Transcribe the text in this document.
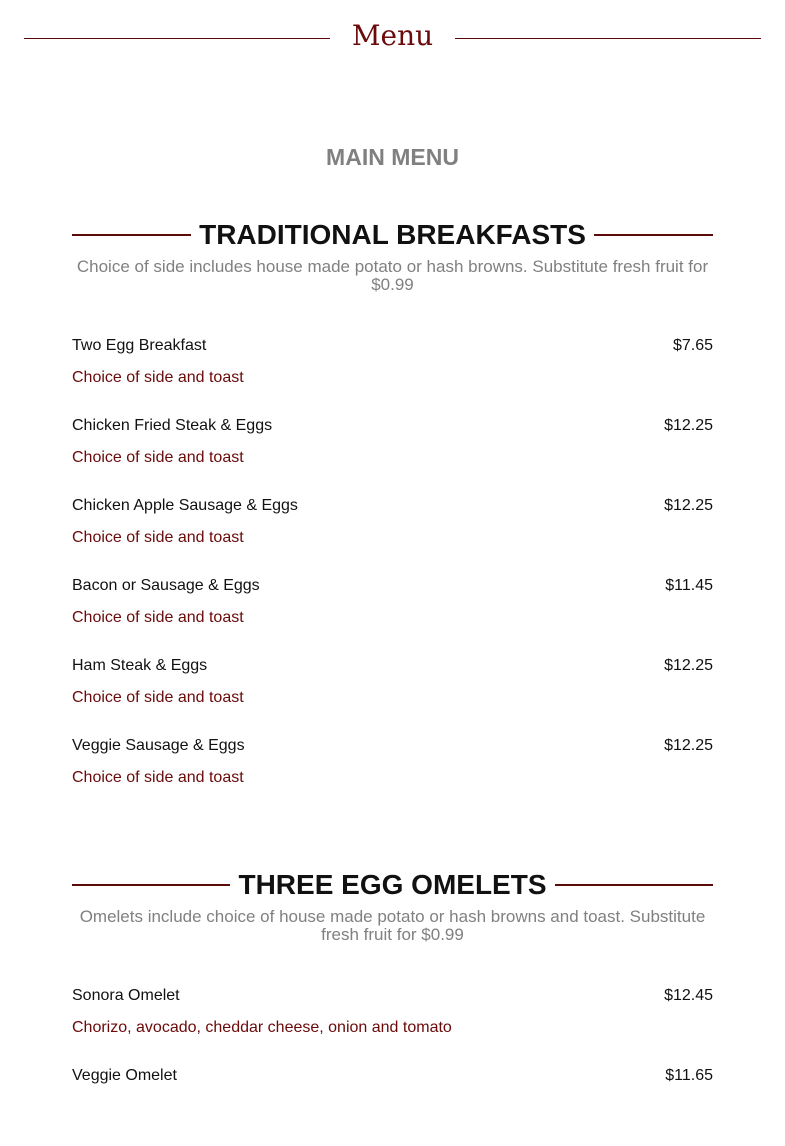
Menu
MAIN MENU
TRADITIONAL BREAKFASTS

Choice of side includes house made potato or hash browns. Substitute fresh fruit for $0.99

Two Egg Breakfast	$7.65
Choice of side and toast
Chicken Fried Steak & Eggs	$12.25
Choice of side and toast
Chicken Apple Sausage & Eggs	$12.25
Choice of side and toast
Bacon or Sausage & Eggs	$11.45
Choice of side and toast
Ham Steak & Eggs	$12.25
Choice of side and toast
Veggie Sausage & Eggs	$12.25
Choice of side and toast
THREE EGG OMELETS

Omelets include choice of house made potato or hash browns and toast. Substitute fresh fruit for $0.99

Sonora Omelet	$12.45
Chorizo, avocado, cheddar cheese, onion and tomato
Veggie Omelet	$11.65
